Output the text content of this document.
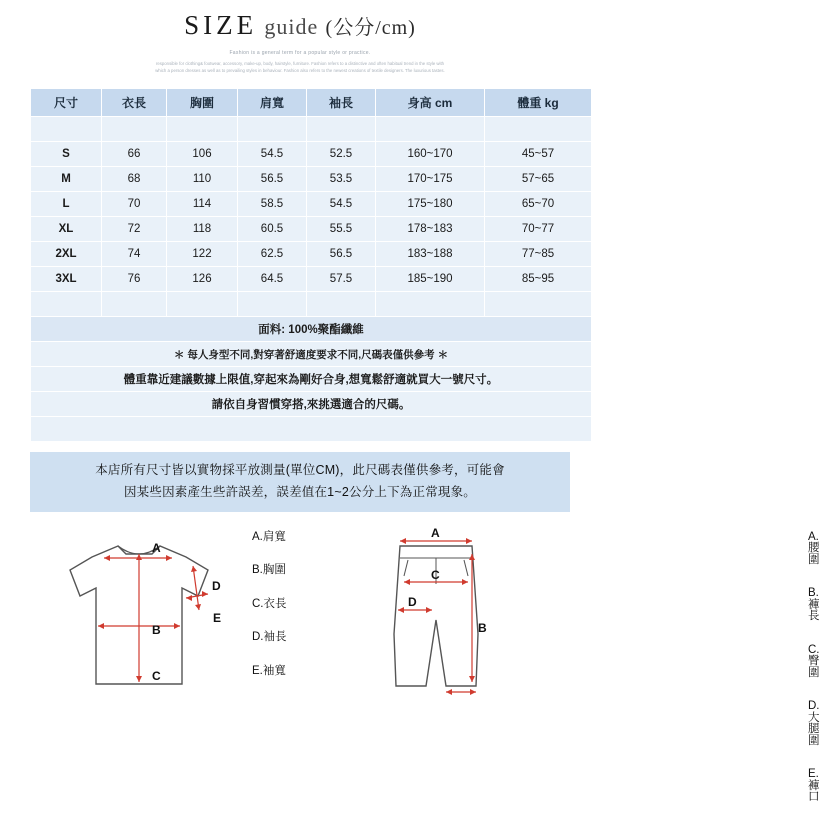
SIZE guide (公分/cm)
Fashion is a general term for a popular style or practice.
responsible for clothing& footwear, accessory, make-up, body, hairstyle, furniture. Fashion refers to a distinctive and often habitual trend in the style with which a person dresses as well as to prevailing styles in behaviour. Fashion also refers to the newest creations of textile designers. The luxurious tastes.
尺寸	衣長	胸圍	肩寬	袖長	身高 cm	體重 kg

S	66	106	54.5	52.5	160~170	45~57
M	68	110	56.5	53.5	170~175	57~65
L	70	114	58.5	54.5	175~180	65~70
XL	72	118	60.5	55.5	178~183	70~77
2XL	74	122	62.5	56.5	183~188	77~85
3XL	76	126	64.5	57.5	185~190	85~95

面料: 100%聚酯纖維						
＊ 每人身型不同,對穿著舒適度要求不同,尺碼表僅供參考 ＊						
體重靠近建議數據上限值,穿起來為剛好合身,想寬鬆舒適就買大一號尺寸。						
請依自身習慣穿搭,來挑選適合的尺碼。						

本店所有尺寸皆以實物採平放測量(單位CM)，此尺碼表僅供參考，可能會
因某些因素產生些許誤差，誤差值在1~2公分上下為正常現象。
A
B
C
D
E
A.肩寬
B.胸圍
C.衣長
D.袖長
E.袖寬
A
B
C
D
A.腰圍
B.褲長
C.臀圍
D.大腿圍
E.褲口
